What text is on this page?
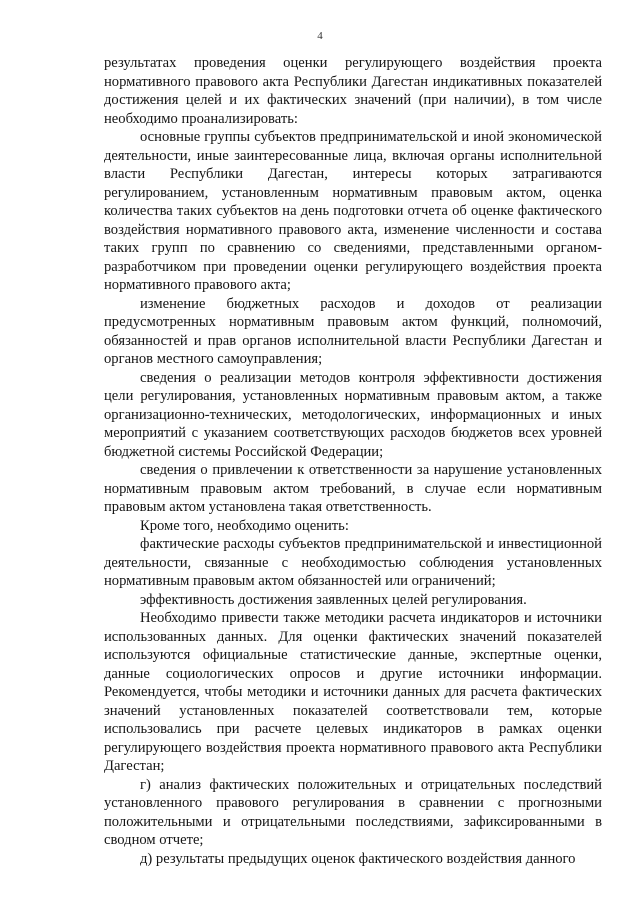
4

результатах проведения оценки регулирующего воздействия проекта нормативного правового акта Республики Дагестан индикативных показателей достижения целей и их фактических значений (при наличии), в том числе необходимо проанализировать:

основные группы субъектов предпринимательской и иной экономической деятельности, иные заинтересованные лица, включая органы исполнительной власти Республики Дагестан, интересы которых затрагиваются регулированием, установленным нормативным правовым актом, оценка количества таких субъектов на день подготовки отчета об оценке фактического воздействия нормативного правового акта, изменение численности и состава таких групп по сравнению со сведениями, представленными органом-разработчиком при проведении оценки регулирующего воздействия проекта нормативного правового акта;

изменение бюджетных расходов и доходов от реализации предусмотренных нормативным правовым актом функций, полномочий, обязанностей и прав органов исполнительной власти Республики Дагестан и органов местного самоуправления;

сведения о реализации методов контроля эффективности достижения цели регулирования, установленных нормативным правовым актом, а также организационно-технических, методологических, информационных и иных мероприятий с указанием соответствующих расходов бюджетов всех уровней бюджетной системы Российской Федерации;

сведения о привлечении к ответственности за нарушение установленных нормативным правовым актом требований, в случае если нормативным правовым актом установлена такая ответственность.

Кроме того, необходимо оценить:

фактические расходы субъектов предпринимательской и инвестиционной деятельности, связанные с необходимостью соблюдения установленных нормативным правовым актом обязанностей или ограничений;

эффективность достижения заявленных целей регулирования.

Необходимо привести также методики расчета индикаторов и источники использованных данных. Для оценки фактических значений показателей используются официальные статистические данные, экспертные оценки, данные социологических опросов и другие источники информации. Рекомендуется, чтобы методики и источники данных для расчета фактических значений установленных показателей соответствовали тем, которые использовались при расчете целевых индикаторов в рамках оценки регулирующего воздействия проекта нормативного правового акта Республики Дагестан;

г) анализ фактических положительных и отрицательных последствий установленного правового регулирования в сравнении с прогнозными положительными и отрицательными последствиями, зафиксированными в сводном отчете;

д) результаты предыдущих оценок фактического воздействия данного
